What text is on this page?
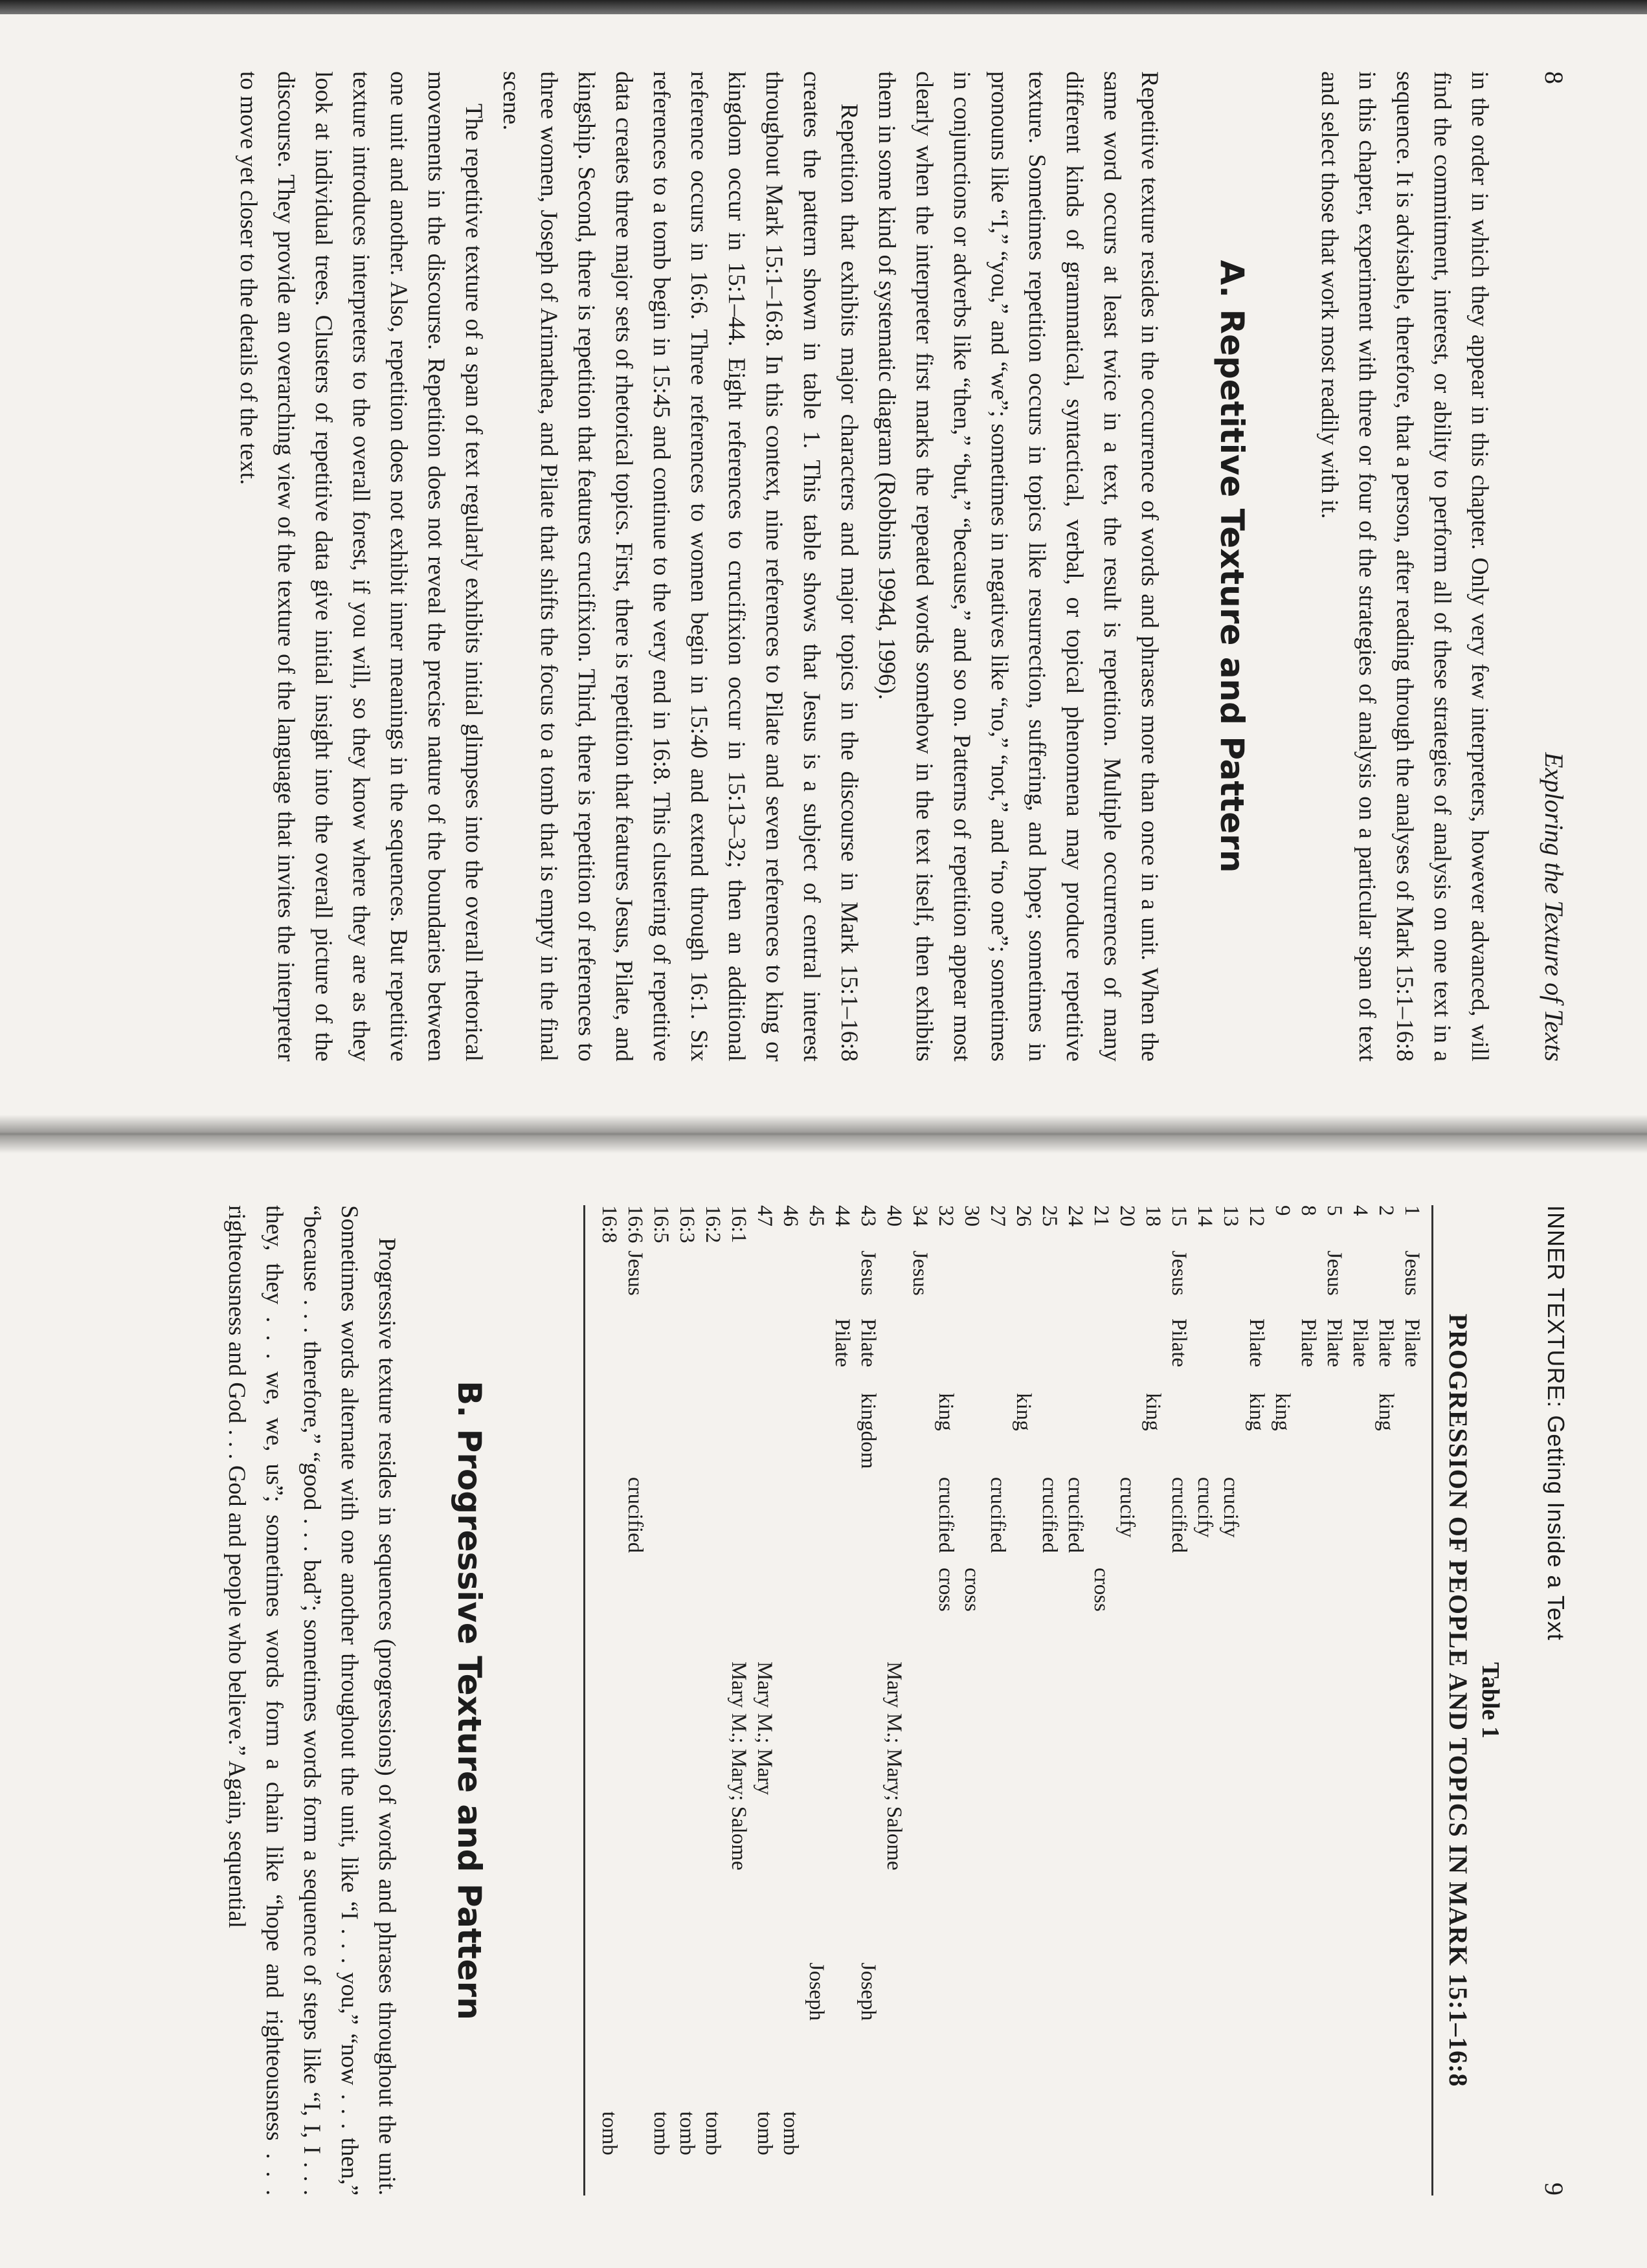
8
Exploring the Texture of Texts

in the order in which they appear in this chapter. Only very few interpreters, however advanced, will find the commitment, interest, or ability to perform all of these strategies of analysis on one text in a sequence. It is advisable, therefore, that a person, after reading through the analyses of Mark 15:1–16:8 in this chapter, experiment with three or four of the strategies of analysis on a particular span of text and select those that work most readily with it.

A. Repetitive Texture and Pattern

Repetitive texture resides in the occurrence of words and phrases more than once in a unit. When the same word occurs at least twice in a text, the result is repetition. Multiple occurrences of many different kinds of grammatical, syntactical, verbal, or topical phenomena may produce repetitive texture. Sometimes repetition occurs in topics like resurrection, suffering, and hope; sometimes in pronouns like “I,” “you,” and “we”; sometimes in negatives like “no,” “not,” and “no one”; sometimes in conjunctions or adverbs like “then,” “but,” “because,” and so on. Patterns of repetition appear most clearly when the interpreter first marks the repeated words somehow in the text itself, then exhibits them in some kind of systematic diagram (Robbins 1994d, 1996).

Repetition that exhibits major characters and major topics in the discourse in Mark 15:1–16:8 creates the pattern shown in table 1. This table shows that Jesus is a subject of central interest throughout Mark 15:1–16:8. In this context, nine references to Pilate and seven references to king or kingdom occur in 15:1–44. Eight references to crucifixion occur in 15:13–32; then an additional reference occurs in 16:6. Three references to women begin in 15:40 and extend through 16:1. Six references to a tomb begin in 15:45 and continue to the very end in 16:8. This clustering of repetitive data creates three major sets of rhetorical topics. First, there is repetition that features Jesus, Pilate, and kingship. Second, there is repetition that features crucifixion. Third, there is repetition of references to three women, Joseph of Arimathea, and Pilate that shifts the focus to a tomb that is empty in the final scene.

The repetitive texture of a span of text regularly exhibits initial glimpses into the overall rhetorical movements in the discourse. Repetition does not reveal the precise nature of the boundaries between one unit and another. Also, repetition does not exhibit inner meanings in the sequences. But repetitive texture introduces interpreters to the overall forest, if you will, so they know where they are as they look at individual trees. Clusters of repetitive data give initial insight into the overall picture of the discourse. They provide an overarching view of the texture of the language that invites the interpreter to move yet closer to the details of the text.

INNER TEXTURE: Getting Inside a Text
9
Table 1
PROGRESSION OF PEOPLE AND TOPICS IN MARK 15:1–16:8
1
Jesus
Pilate
2
Pilate
king
4
Pilate
5
Jesus
Pilate
8
Pilate
9
king
12
Pilate
king
13
crucify
14
crucify
15
Jesus
Pilate
crucified
18
king
20
crucify
21
cross
24
crucified
25
crucified
26
king
27
crucified
30
cross
32
king
crucified
cross
34
Jesus
40
Mary M.; Mary; Salome
43
Jesus
Pilate
kingdom
Joseph
44
Pilate
45
Joseph
46
tomb
47
Mary M.; Mary
tomb
16:1
Mary M.; Mary; Salome
16:2
tomb
16:3
tomb
16:5
tomb
16:6
Jesus
crucified
16:8
tomb
B. Progressive Texture and Pattern

Progressive texture resides in sequences (progressions) of words and phrases throughout the unit. Sometimes words alternate with one another throughout the unit, like “I . . . you,” “now . . . then,” “because . . . therefore,” “good . . . bad”; sometimes words form a sequence of steps like “I, I, I . . . they, they . . . we, we, us”; sometimes words form a chain like “hope and righteousness . . . righteousness and God . . . God and people who believe.” Again, sequential
